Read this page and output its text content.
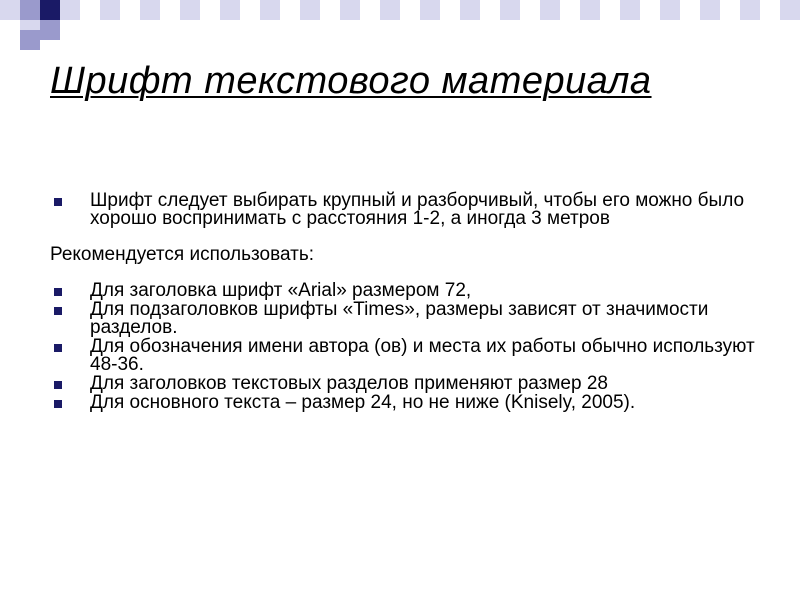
Шрифт текстового материала
Шрифт следует выбирать крупный и разборчивый, чтобы его можно было хорошо воспринимать с расстояния 1-2, а иногда 3 метров
Рекомендуется использовать:
Для заголовка шрифт «Arial» размером 72,
Для подзаголовков шрифты «Times», размеры зависят от значимости разделов.
Для обозначения имени автора (ов) и места их работы обычно используют 48-36.
Для заголовков текстовых разделов применяют размер 28
Для основного текста – размер 24, но не ниже (Knisely, 2005).
